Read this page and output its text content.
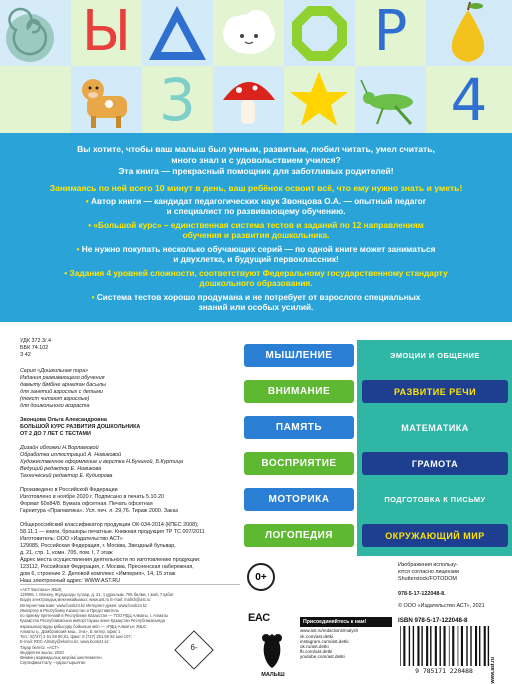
Ы	Р
3	4
Вы хотите, чтобы ваш малыш был умным, развитым, любил читать, умел считать,
много знал и с удовольствием учился?
Эта книга — прекрасный помощник для заботливых родителей!
Занимаясь по ней всего 10 минут в день, ваш ребёнок освоит всё, что ему нужно знать и уметь!
• Автор книги — кандидат педагогических наук Звонцова О.А. — опытный педагог
и специалист по развивающему обучению.
• «Большой курс» – единственная система тестов и заданий по 12 направлениям
обучения и развития дошкольника.
• Не нужно покупать несколько обучающих серий — по одной книге может заниматься
и двухлетка, и будущий первоклассник!
• Задания 4 уровней сложности, соответствуют Федеральному государственному стандарту
дошкольного образования.
• Система тестов хорошо продумана и не потребует от взрослого специальных
знаний или особых усилий.
УДК 372.3/.4
ББК 74.102
З 42
Серия «Дошкольная пора»
Издания развивающего обучения
дамыту бімбіне арналған басылы
для занятий взрослых с детьми
(текст читают взрослые)
для дошкольного возраста
Звонцова Ольга Александровна
БОЛЬШОЙ КУРС РАЗВИТИЯ ДОШКОЛЬНИКА
ОТ 2 ДО 7 ЛЕТ С ТЕСТАМИ
Дизайн обложки Н.Ворламовой
Обработка иллюстраций А. Новиковой
Художественное оформление и верстка Н.Буниной, Б.Куртица
Ведущий редактор Е. Новикова
Технический редактор Е. Кудиярова
Произведено в Российской Федерации
Изготовлено в ноябре 2020 г. Подписано в печать 5.10.20
Формат 60х84/8. Бумага офсетная. Печать офсетная
Гарнитура «Прагматика». Усл. печ. л. 29,76. Тираж 2000. Заказ
Общероссийский классификатор продукции ОК-034-2014 (КПЕС 2008);
58.11.1 — книги, брошюры печатные. Книжная продукция ТР ТС 007/2011
Изготовитель: ООО «Издательство АСТ»
129085, Российская Федерация, г. Москва, Звездный бульвар,
д. 21, стр. 1, комн. 705, пом. I, 7 этаж
Адрес места осуществления деятельности по изготовлению продукции:
123112, Российская Федерация, г. Москва, Пресненская набережная,
дом 6, строение 2. Деловой комплекс «Империя», 14, 15 этаж
Наш электронный адрес: WWW.AST.RU
«АСТ Баспасы» ЖШҚ
129085, г. Мәскеу, Жұлдызды гүлзар, д. 21, 1 құрылым, 705 бөлме, I жай, 7 қабат
Біздің электрондық мекенжайымыз: www.ast.ru E-mail: malish@ast.ru
Интернет-магазин: www.book24.kz Интернет-дүкен: www.book24.kz
Импортер в Республику Казахстан и Представитель
по приему претензий в Республике Казахстан — ТОО РДЦ Алматы, г. Алматы
Қазақстан Республикасына импорттаушы және Қазақстан Республикасында
наразылықтарды қабылдау бойынша өкіл — «РДЦ-Алматы» ЖШС
Алматы қ., Домбровский көш., 3«а», Б литер, офис 1
Тел.: 8(727) 2 51 59 90,91, факс: 8 (727) 251 59 92 ішкі 107;
E-mail: RDC-Almaty@eksmo.kz, www.book24.kz
Тауар белгісі: «АСТ»
Өндірілген жылы: 2020
Өнімнің жарамдылық мерзімі шектелмеген.
Сертификатталу – қарастырылған
МЫШЛЕНИЕ
ВНИМАНИЕ
ПАМЯТЬ
ВОСПРИЯТИЕ
МОТОРИКА
ЛОГОПЕДИЯ
ЭМОЦИИ И ОБЩЕНИЕ
РАЗВИТИЕ РЕЧИ
МАТЕМАТИКА
ГРАМОТА
ПОДГОТОВКА К ПИСЬМУ
ОКРУЖАЮЩИЙ МИР
0+
Изображения использу-
ются согласно лицензии
Shutterstock/FOTODOM
978-5-17-122048-8.
© ООО «Издательство АСТ», 2021
EAC
6-
МАЛЫШ
Присоединяйтесь к нам!
www.ast.ru/redactions/malysh
vk.com/ast.detki
instagram.com/ast.detki
ok.ru/ast.detki
fb.com/ast.detki
youtube.com/ast.detki
ISBN 978-5-17-122048-8
9 785171 220488	www.ast.ru
